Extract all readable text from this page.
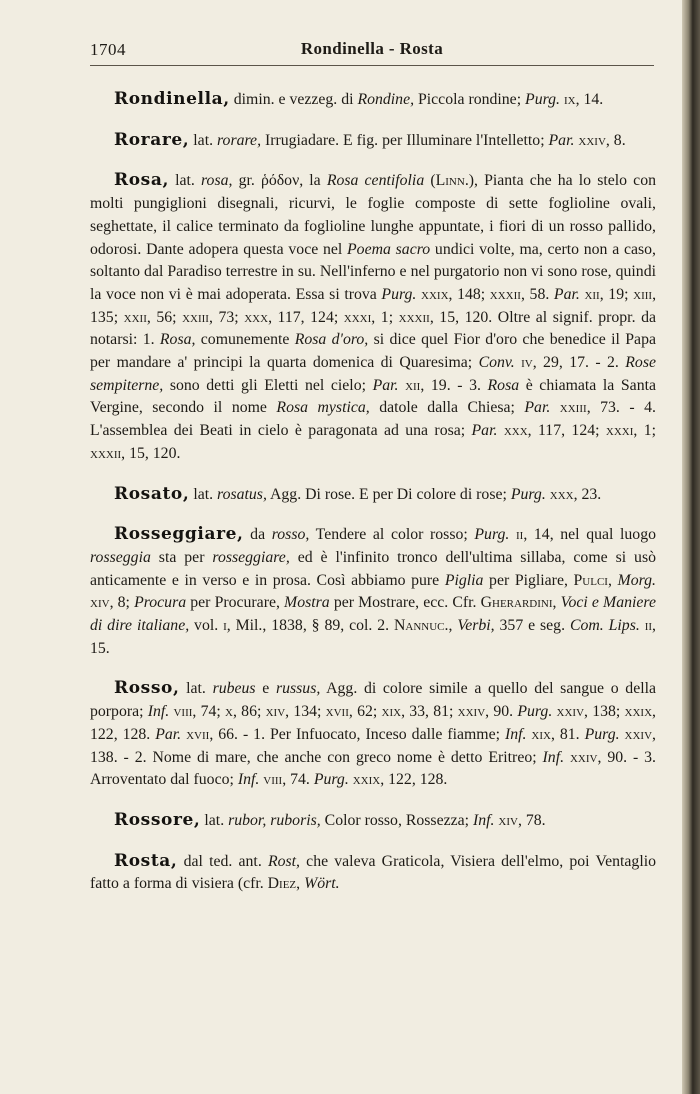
1704	Rondinella - Rosta

Rondinella, dimin. e vezzeg. di Rondine, Piccola rondine; Purg. ix, 14.

Rorare, lat. rorare, Irrugiadare. E fig. per Illuminare l'Intelletto; Par. xxiv, 8.

Rosa, lat. rosa, gr. ῥόδον, la Rosa centifolia (Linn.), Pianta che ha lo stelo con molti pungiglioni disegnali, ricurvi, le foglie composte di sette foglioline ovali, seghettate, il calice terminato da foglioline lunghe appuntate, i fiori di un rosso pallido, odorosi. Dante adopera questa voce nel Poema sacro undici volte, ma, certo non a caso, soltanto dal Paradiso terrestre in su. Nell'inferno e nel purgatorio non vi sono rose, quindi la voce non vi è mai adoperata. Essa si trova Purg. xxix, 148; xxxii, 58. Par. xii, 19; xiii, 135; xxii, 56; xxiii, 73; xxx, 117, 124; xxxi, 1; xxxii, 15, 120. Oltre al signif. propr. da notarsi: 1. Rosa, comunemente Rosa d'oro, si dice quel Fior d'oro che benedice il Papa per mandare a' principi la quarta domenica di Quaresima; Conv. iv, 29, 17. - 2. Rose sempiterne, sono detti gli Eletti nel cielo; Par. xii, 19. - 3. Rosa è chiamata la Santa Vergine, secondo il nome Rosa mystica, datole dalla Chiesa; Par. xxiii, 73. - 4. L'assemblea dei Beati in cielo è paragonata ad una rosa; Par. xxx, 117, 124; xxxi, 1; xxxii, 15, 120.

Rosato, lat. rosatus, Agg. Di rose. E per Di colore di rose; Purg. xxx, 23.

Rosseggiare, da rosso, Tendere al color rosso; Purg. ii, 14, nel qual luogo rosseggia sta per rosseggiare, ed è l'infinito tronco dell'ultima sillaba, come si usò anticamente e in verso e in prosa. Così abbiamo pure Piglia per Pigliare, Pulci, Morg. xiv, 8; Procura per Procurare, Mostra per Mostrare, ecc. Cfr. Gherardini, Voci e Maniere di dire italiane, vol. i, Mil., 1838, § 89, col. 2. Nannuc., Verbi, 357 e seg. Com. Lips. ii, 15.

Rosso, lat. rubeus e russus, Agg. di colore simile a quello del sangue o della porpora; Inf. viii, 74; x, 86; xiv, 134; xvii, 62; xix, 33, 81; xxiv, 90. Purg. xxiv, 138; xxix, 122, 128. Par. xvii, 66. - 1. Per Infuocato, Inceso dalle fiamme; Inf. xix, 81. Purg. xxiv, 138. - 2. Nome di mare, che anche con greco nome è detto Eritreo; Inf. xxiv, 90. - 3. Arroventato dal fuoco; Inf. viii, 74. Purg. xxix, 122, 128.

Rossore, lat. rubor, ruboris, Color rosso, Rossezza; Inf. xiv, 78.

Rosta, dal ted. ant. Rost, che valeva Graticola, Visiera dell'elmo, poi Ventaglio fatto a forma di visiera (cfr. Diez, Wört.
